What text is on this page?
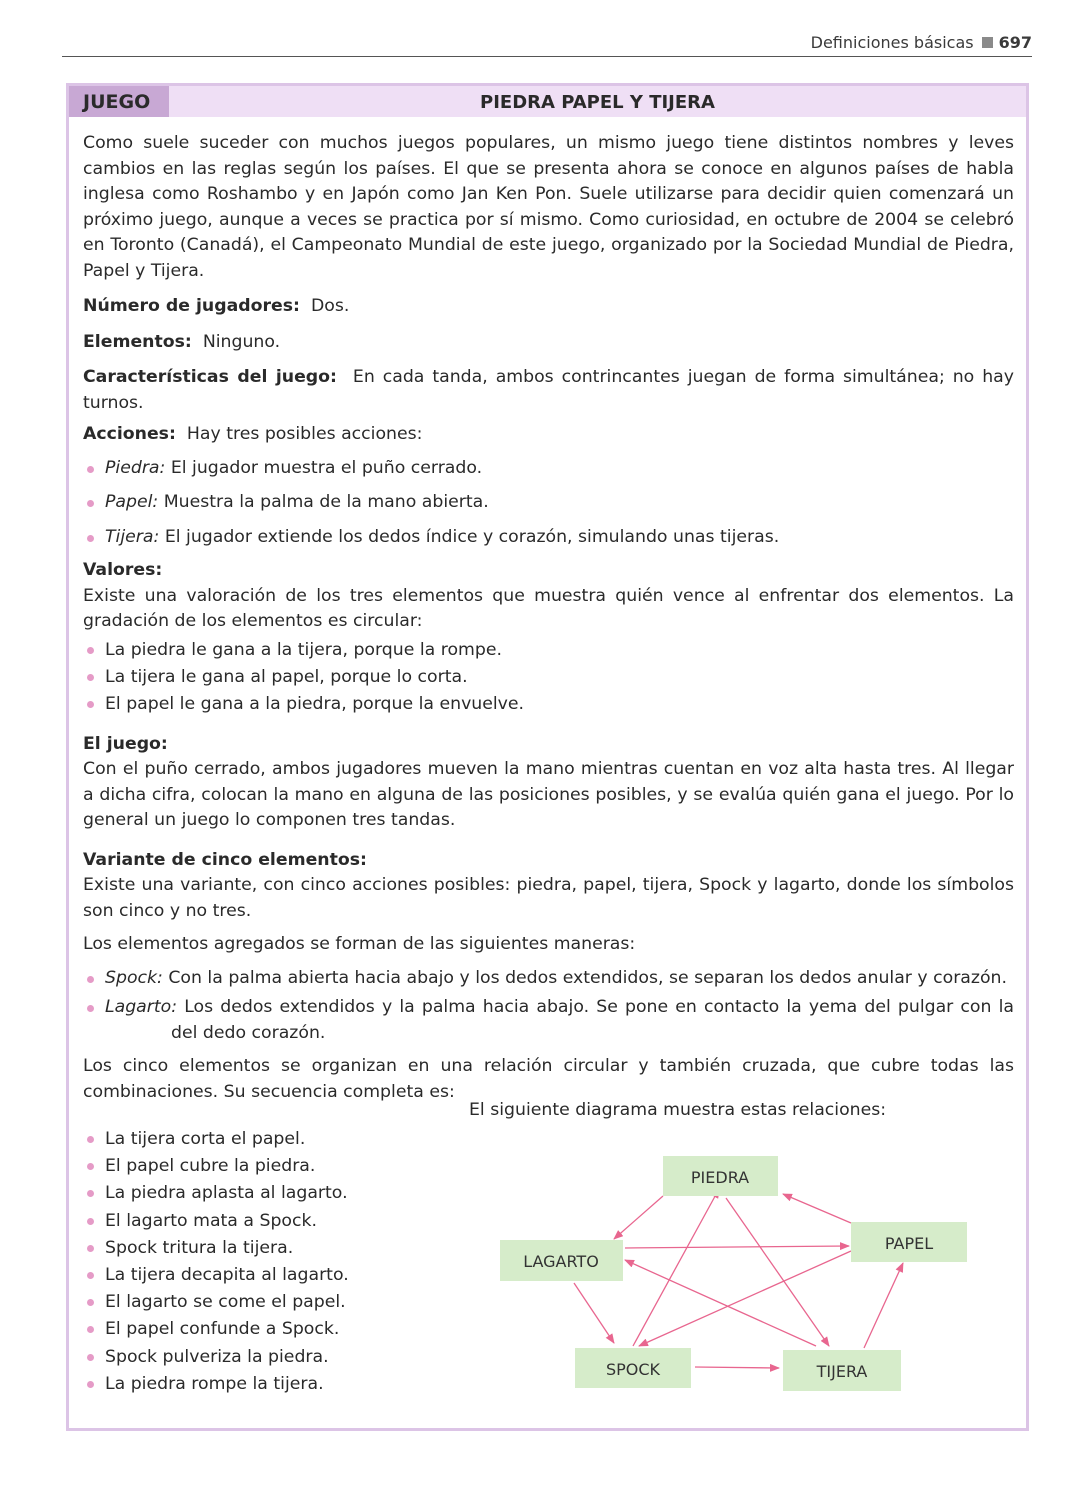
Definiciones básicas 697
JUEGO	PIEDRA PAPEL Y TIJERA

Como suele suceder con muchos juegos populares, un mismo juego tiene distintos nombres y leves cambios en las reglas según los países. El que se presenta ahora se conoce en algunos países de habla inglesa como Roshambo y en Japón como Jan Ken Pon. Suele utilizarse para decidir quien comenzará un próximo juego, aunque a veces se practica por sí mismo. Como curiosidad, en octubre de 2004 se celebró en Toronto (Canadá), el Campeonato Mundial de este juego, organizado por la Sociedad Mundial de Piedra, Papel y Tijera.

Número de jugadores: Dos.

Elementos: Ninguno.

Características del juego: En cada tanda, ambos contrincantes juegan de forma simultánea; no hay turnos.

Acciones: Hay tres posibles acciones:

Piedra: El jugador muestra el puño cerrado.
Papel: Muestra la palma de la mano abierta.
Tijera: El jugador extiende los dedos índice y corazón, simulando unas tijeras.

Valores:

Existe una valoración de los tres elementos que muestra quién vence al enfrentar dos elementos. La gradación de los elementos es circular:

La piedra le gana a la tijera, porque la rompe.
La tijera le gana al papel, porque lo corta.
El papel le gana a la piedra, porque la envuelve.

El juego:

Con el puño cerrado, ambos jugadores mueven la mano mientras cuentan en voz alta hasta tres. Al llegar a dicha cifra, colocan la mano en alguna de las posiciones posibles, y se evalúa quién gana el juego. Por lo general un juego lo componen tres tandas.

Variante de cinco elementos:

Existe una variante, con cinco acciones posibles: piedra, papel, tijera, Spock y lagarto, donde los símbolos son cinco y no tres.

Los elementos agregados se forman de las siguientes maneras:

Spock: Con la palma abierta hacia abajo y los dedos extendidos, se separan los dedos anular y corazón.
Lagarto: Los dedos extendidos y la palma hacia abajo. Se pone en contacto la yema del pulgar con la del dedo corazón.

Los cinco elementos se organizan en una relación circular y también cruzada, que cubre todas las combinaciones. Su secuencia completa es:

La tijera corta el papel.
El papel cubre la piedra.
La piedra aplasta al lagarto.
El lagarto mata a Spock.
Spock tritura la tijera.
La tijera decapita al lagarto.
El lagarto se come el papel.
El papel confunde a Spock.
Spock pulveriza la piedra.
La piedra rompe la tijera.
El siguiente diagrama muestra estas relaciones:
PIEDRA
PAPEL
LAGARTO
SPOCK	TIJERA
